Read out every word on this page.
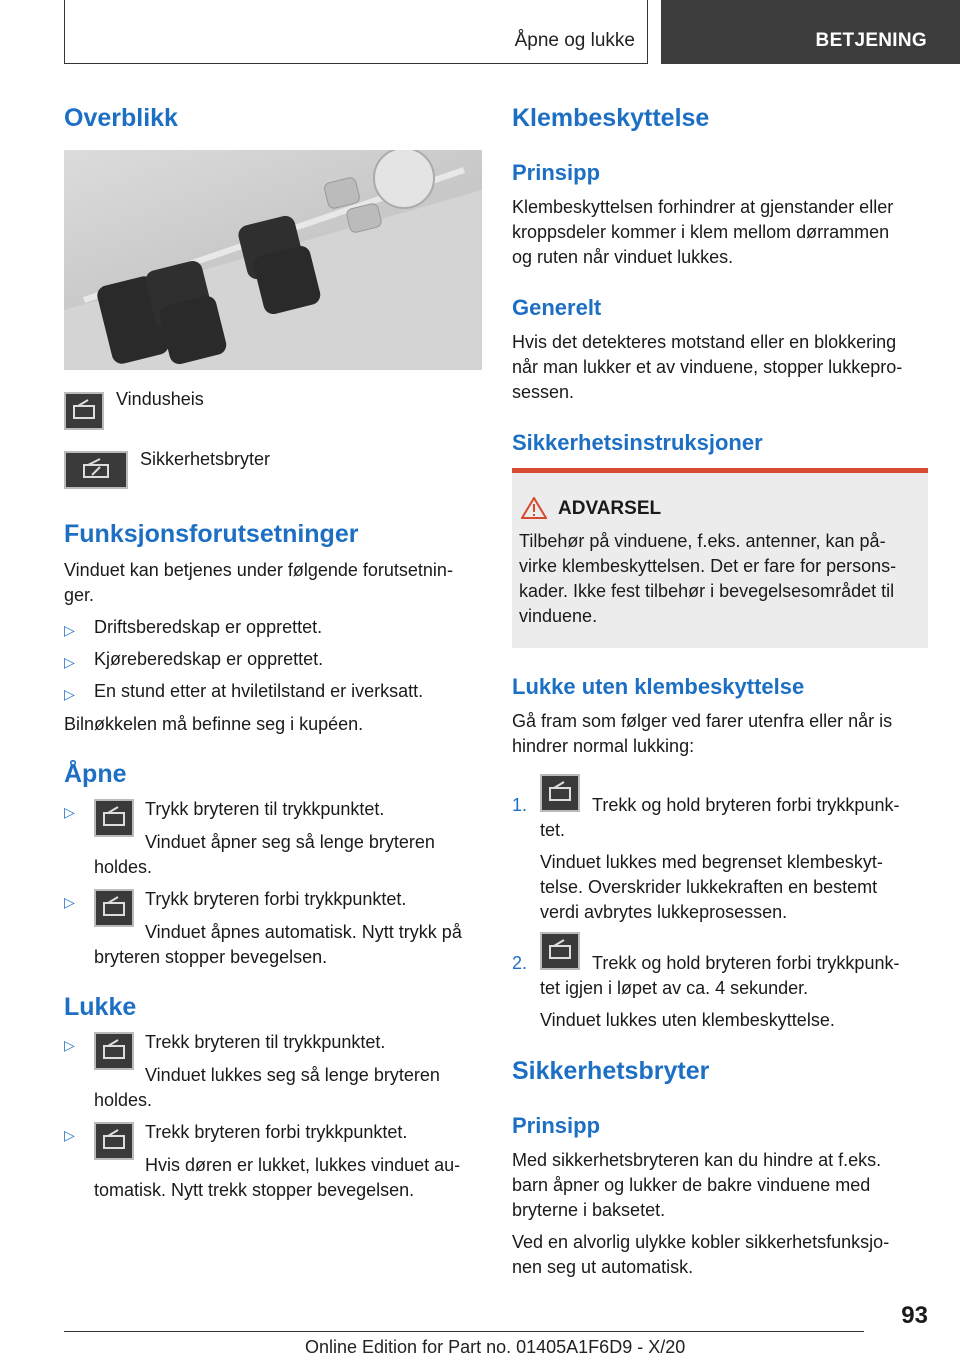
Åpne og lukke	BETJENING
Overblikk
Vindusheis
Sikkerhetsbryter
Funksjonsforutsetninger
Vinduet kan betjenes under følgende forutsetnin-
ger.
▷ Driftsberedskap er opprettet.
▷ Kjøreberedskap er opprettet.
▷ En stund etter at hviletilstand er iverksatt.
Bilnøkkelen må befinne seg i kupéen.
Åpne
▷	Trykk bryteren til trykkpunktet.
Vinduet åpner seg så lenge bryteren
holdes.
▷	Trykk bryteren forbi trykkpunktet.
Vinduet åpnes automatisk. Nytt trykk på
bryteren stopper bevegelsen.
Lukke
▷	Trekk bryteren til trykkpunktet.
Vinduet lukkes seg så lenge bryteren
holdes.
▷	Trekk bryteren forbi trykkpunktet.
Hvis døren er lukket, lukkes vinduet au-
tomatisk. Nytt trekk stopper bevegelsen.
Klembeskyttelse
Prinsipp
Klembeskyttelsen forhindrer at gjenstander eller
kroppsdeler kommer i klem mellom dørrammen
og ruten når vinduet lukkes.
Generelt
Hvis det detekteres motstand eller en blokkering
når man lukker et av vinduene, stopper lukkepro-
sessen.
Sikkerhetsinstruksjoner
ADVARSEL
Tilbehør på vinduene, f.eks. antenner, kan på-
virke klembeskyttelsen. Det er fare for persons-
kader. Ikke fest tilbehør i bevegelsesområdet til
vinduene.
Lukke uten klembeskyttelse
Gå fram som følger ved farer utenfra eller når is
hindrer normal lukking:
1.	Trekk og hold bryteren forbi trykkpunk-
tet.
Vinduet lukkes med begrenset klembeskyt-
telse. Overskrider lukkekraften en bestemt
verdi avbrytes lukkeprosessen.
2.	Trekk og hold bryteren forbi trykkpunk-
tet igjen i løpet av ca. 4 sekunder.
Vinduet lukkes uten klembeskyttelse.
Sikkerhetsbryter
Prinsipp
Med sikkerhetsbryteren kan du hindre at f.eks.
barn åpner og lukker de bakre vinduene med
bryterne i baksetet.
Ved en alvorlig ulykke kobler sikkerhetsfunksjo-
nen seg ut automatisk.
93
Online Edition for Part no. 01405A1F6D9 - X/20
